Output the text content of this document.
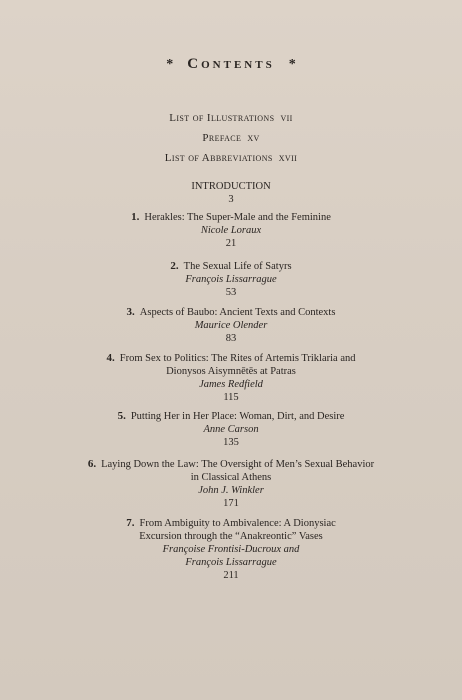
* Contents *
List of Illustrations vii
Preface xv
List of Abbreviations xvii
INTRODUCTION
3
1. Herakles: The Super-Male and the Feminine
Nicole Loraux
21
2. The Sexual Life of Satyrs
François Lissarrague
53
3. Aspects of Baubo: Ancient Texts and Contexts
Maurice Olender
83
4. From Sex to Politics: The Rites of Artemis Triklaria and
Dionysos Aisymnētēs at Patras
James Redfield
115
5. Putting Her in Her Place: Woman, Dirt, and Desire
Anne Carson
135
6. Laying Down the Law: The Oversight of Men’s Sexual Behavior
in Classical Athens
John J. Winkler
171
7. From Ambiguity to Ambivalence: A Dionysiac
Excursion through the “Anakreontic” Vases
Françoise Frontisi-Ducroux and
François Lissarrague
211
